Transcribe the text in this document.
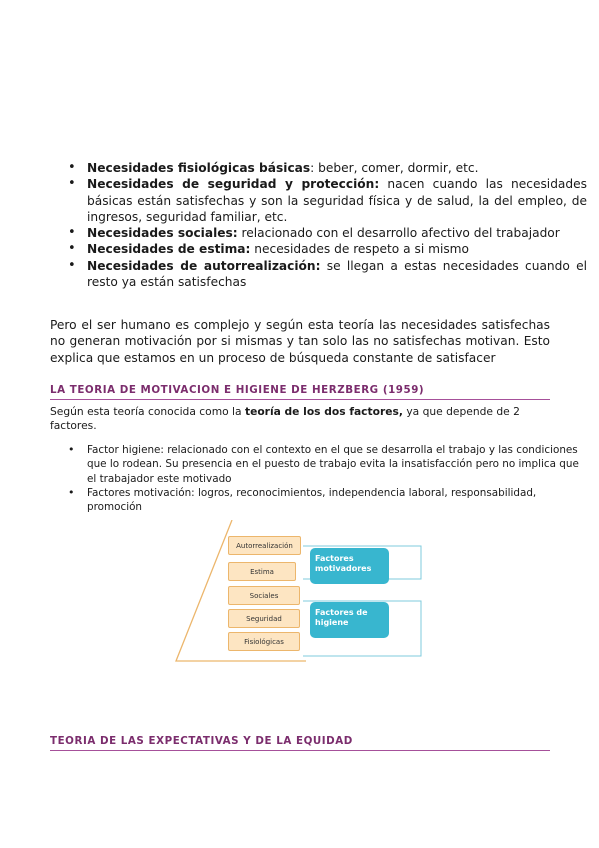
• Necesidades fisiológicas básicas: beber, comer, dormir, etc.
• Necesidades de seguridad y protección: nacen cuando las necesidades básicas están satisfechas y son la seguridad física y de salud, la del empleo, de ingresos, seguridad familiar, etc.
• Necesidades sociales: relacionado con el desarrollo afectivo del trabajador
• Necesidades de estima: necesidades de respeto a si mismo
• Necesidades de autorrealización: se llegan a estas necesidades cuando el resto ya están satisfechas

Pero el ser humano es complejo y según esta teoría las necesidades satisfechas no generan motivación por si mismas y tan solo las no satisfechas motivan. Esto explica que estamos en un proceso de búsqueda constante de satisfacer

LA TEORIA DE MOTIVACION E HIGIENE DE HERZBERG (1959)

Según esta teoría conocida como la teoría de los dos factores, ya que depende de 2 factores.

• Factor higiene: relacionado con el contexto en el que se desarrolla el trabajo y las condiciones que lo rodean. Su presencia en el puesto de trabajo evita la insatisfacción pero no implica que el trabajador este motivado
• Factores motivación: logros, reconocimientos, independencia laboral, responsabilidad, promoción
Autorrealización
Estima
Sociales
Seguridad
Fisiológicas
Factores motivadores
Factores de higiene
TEORIA DE LAS EXPECTATIVAS Y DE LA EQUIDAD
